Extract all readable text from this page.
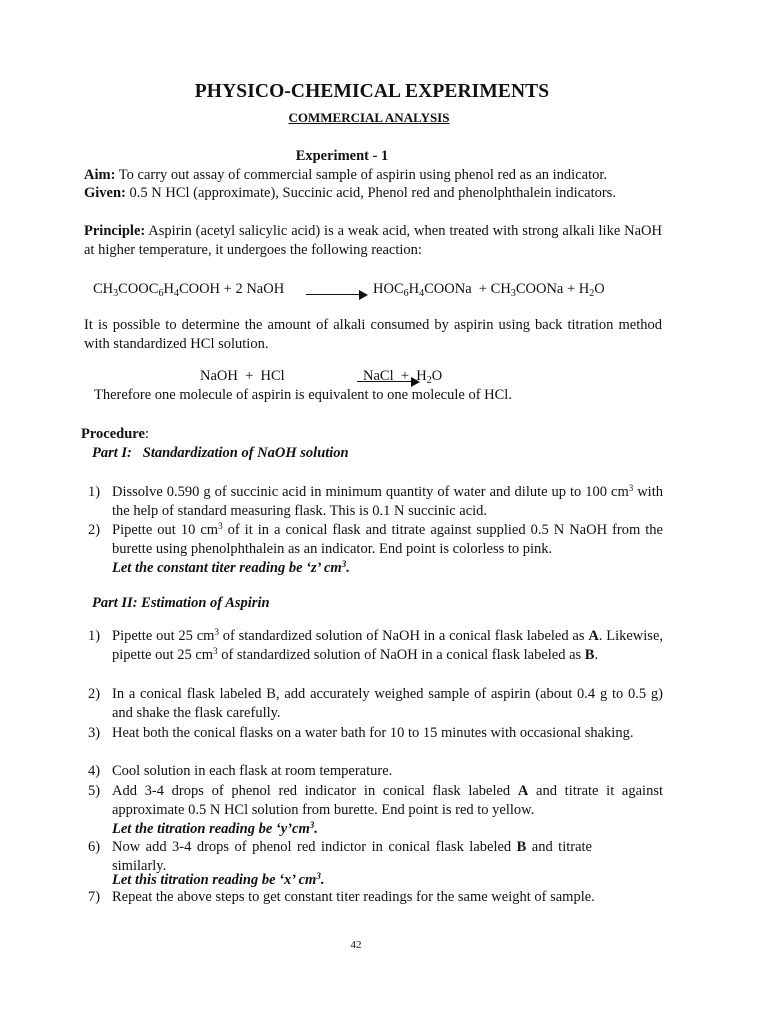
PHYSICO-CHEMICAL EXPERIMENTS
COMMERCIAL ANALYSIS
Experiment - 1
Aim: To carry out assay of commercial sample of aspirin using phenol red as an indicator.
Given: 0.5 N HCl (approximate), Succinic acid, Phenol red and phenolphthalein indicators.
Principle: Aspirin (acetyl salicylic acid) is a weak acid, when treated with strong alkali like NaOH at higher temperature, it undergoes the following reaction:
$CH_3COOC_6H_4COOH + 2$ NaOH
	$HOC_6H_4COONa$  + $CH_3COONa + H_2O$
It is possible to determine the amount of alkali consumed by aspirin using back titration method with standardized HCl solution.
NaOH  +  HCl	NaCl  +  $H_2O$
Therefore one molecule of aspirin is equivalent to one molecule of HCl.
Procedure:
Part I: Standardization of NaOH solution
1) Dissolve 0.590 g of succinic acid in minimum quantity of water and dilute up to 100 $cm^3$ with the help of standard measuring flask. This is 0.1 N succinic acid.
2) Pipette out 10 $cm^3$ of it in a conical flask and titrate against supplied 0.5 N NaOH from the burette using phenolphthalein as an indicator. End point is colorless to pink.
Let the constant titer reading be ‘z’ $cm^3$.
Part II: Estimation of Aspirin
1) Pipette out 25 $cm^3$ of standardized solution of NaOH in a conical flask labeled as A. Likewise, pipette out 25 $cm^3$ of standardized solution of NaOH in a conical flask labeled as B.
2) In a conical flask labeled B, add accurately weighed sample of aspirin (about 0.4 g to 0.5 g) and shake the flask carefully.
3) Heat both the conical flasks on a water bath for 10 to 15 minutes with occasional shaking.
4) Cool solution in each flask at room temperature.
5) Add 3-4 drops of phenol red indicator in conical flask labeled A and titrate it against approximate 0.5 N HCl solution from burette. End point is red to yellow.
Let the titration reading be ‘$y’cm^3$.
6) Now add 3-4 drops of phenol red indictor in conical flask labeled B and titrate similarly.
Let this titration reading be ‘x’ $cm^3$.
7) Repeat the above steps to get constant titer readings for the same weight of sample.
42
